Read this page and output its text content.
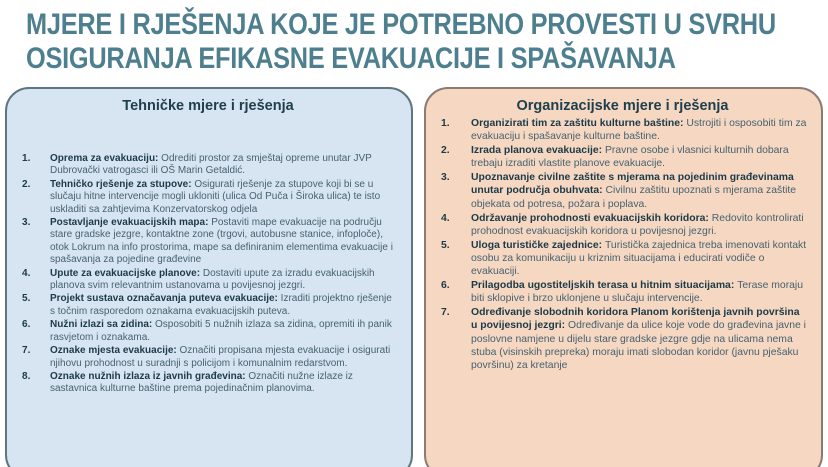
MJERE I RJEŠENJA KOJE JE POTREBNO PROVESTI U SVRHU OSIGURANJA EFIKASNE EVAKUACIJE I SPAŠAVANJA
Tehničke mjere i rješenja
Oprema za evakuaciju: Odrediti prostor za smještaj opreme unutar JVP Dubrovački vatrogasci ili OŠ Marin Getaldić.
Tehničko rješenje za stupove: Osigurati rješenje za stupove koji bi se u slučaju hitne intervencije mogli ukloniti (ulica Od Puča i Široka ulica) te isto uskladiti sa zahtjevima Konzervatorskog odjela
Postavljanje evakuacijskih mapa: Postaviti mape evakuacije na području stare gradske jezgre, kontaktne zone (trgovi, autobusne stanice, infoploče), otok Lokrum na info prostorima, mape sa definiranim elementima evakuacije i spašavanja za pojedine građevine
Upute za evakuacijske planove: Dostaviti upute za izradu evakuacijskih planova svim relevantnim ustanovama u povijesnoj jezgri.
Projekt sustava označavanja puteva evakuacije: Izraditi projektno rješenje s točnim rasporedom oznakama evakuacijskih puteva.
Nužni izlazi sa zidina: Osposobiti 5 nužnih izlaza sa zidina, opremiti ih panik rasvjetom i oznakama.
Oznake mjesta evakuacije: Označiti propisana mjesta evakuacije i osigurati njihovu prohodnost u suradnji s policijom i komunalnim redarstvom.
Oznake nužnih izlaza iz javnih građevina: Označiti nužne izlaze iz sastavnica kulturne baštine prema pojedinačnim planovima.
Organizacijske mjere i rješenja
Organizirati tim za zaštitu kulturne baštine: Ustrojiti i osposobiti tim za evakuaciju i spašavanje kulturne baštine.
Izrada planova evakuacije: Pravne osobe i vlasnici kulturnih dobara trebaju izraditi vlastite planove evakuacije.
Upoznavanje civilne zaštite s mjerama na pojedinim građevinama unutar područja obuhvata: Civilnu zaštitu upoznati s mjerama zaštite objekata od potresa, požara i poplava.
Održavanje prohodnosti evakuacijskih koridora: Redovito kontrolirati prohodnost evakuacijskih koridora u povijesnoj jezgri.
Uloga turističke zajednice: Turistička zajednica treba imenovati kontakt osobu za komunikaciju u kriznim situacijama i educirati vodiče o evakuaciji.
Prilagodba ugostiteljskih terasa u hitnim situacijama: Terase moraju biti sklopive i brzo uklonjene u slučaju intervencije.
Određivanje slobodnih koridora Planom korištenja javnih površina u povijesnoj jezgri: Određivanje da ulice koje vode do građevina javne i poslovne namjene u dijelu stare gradske jezgre gdje na ulicama nema stuba (visinskih prepreka) moraju imati slobodan koridor (javnu pješaku površinu) za kretanje
